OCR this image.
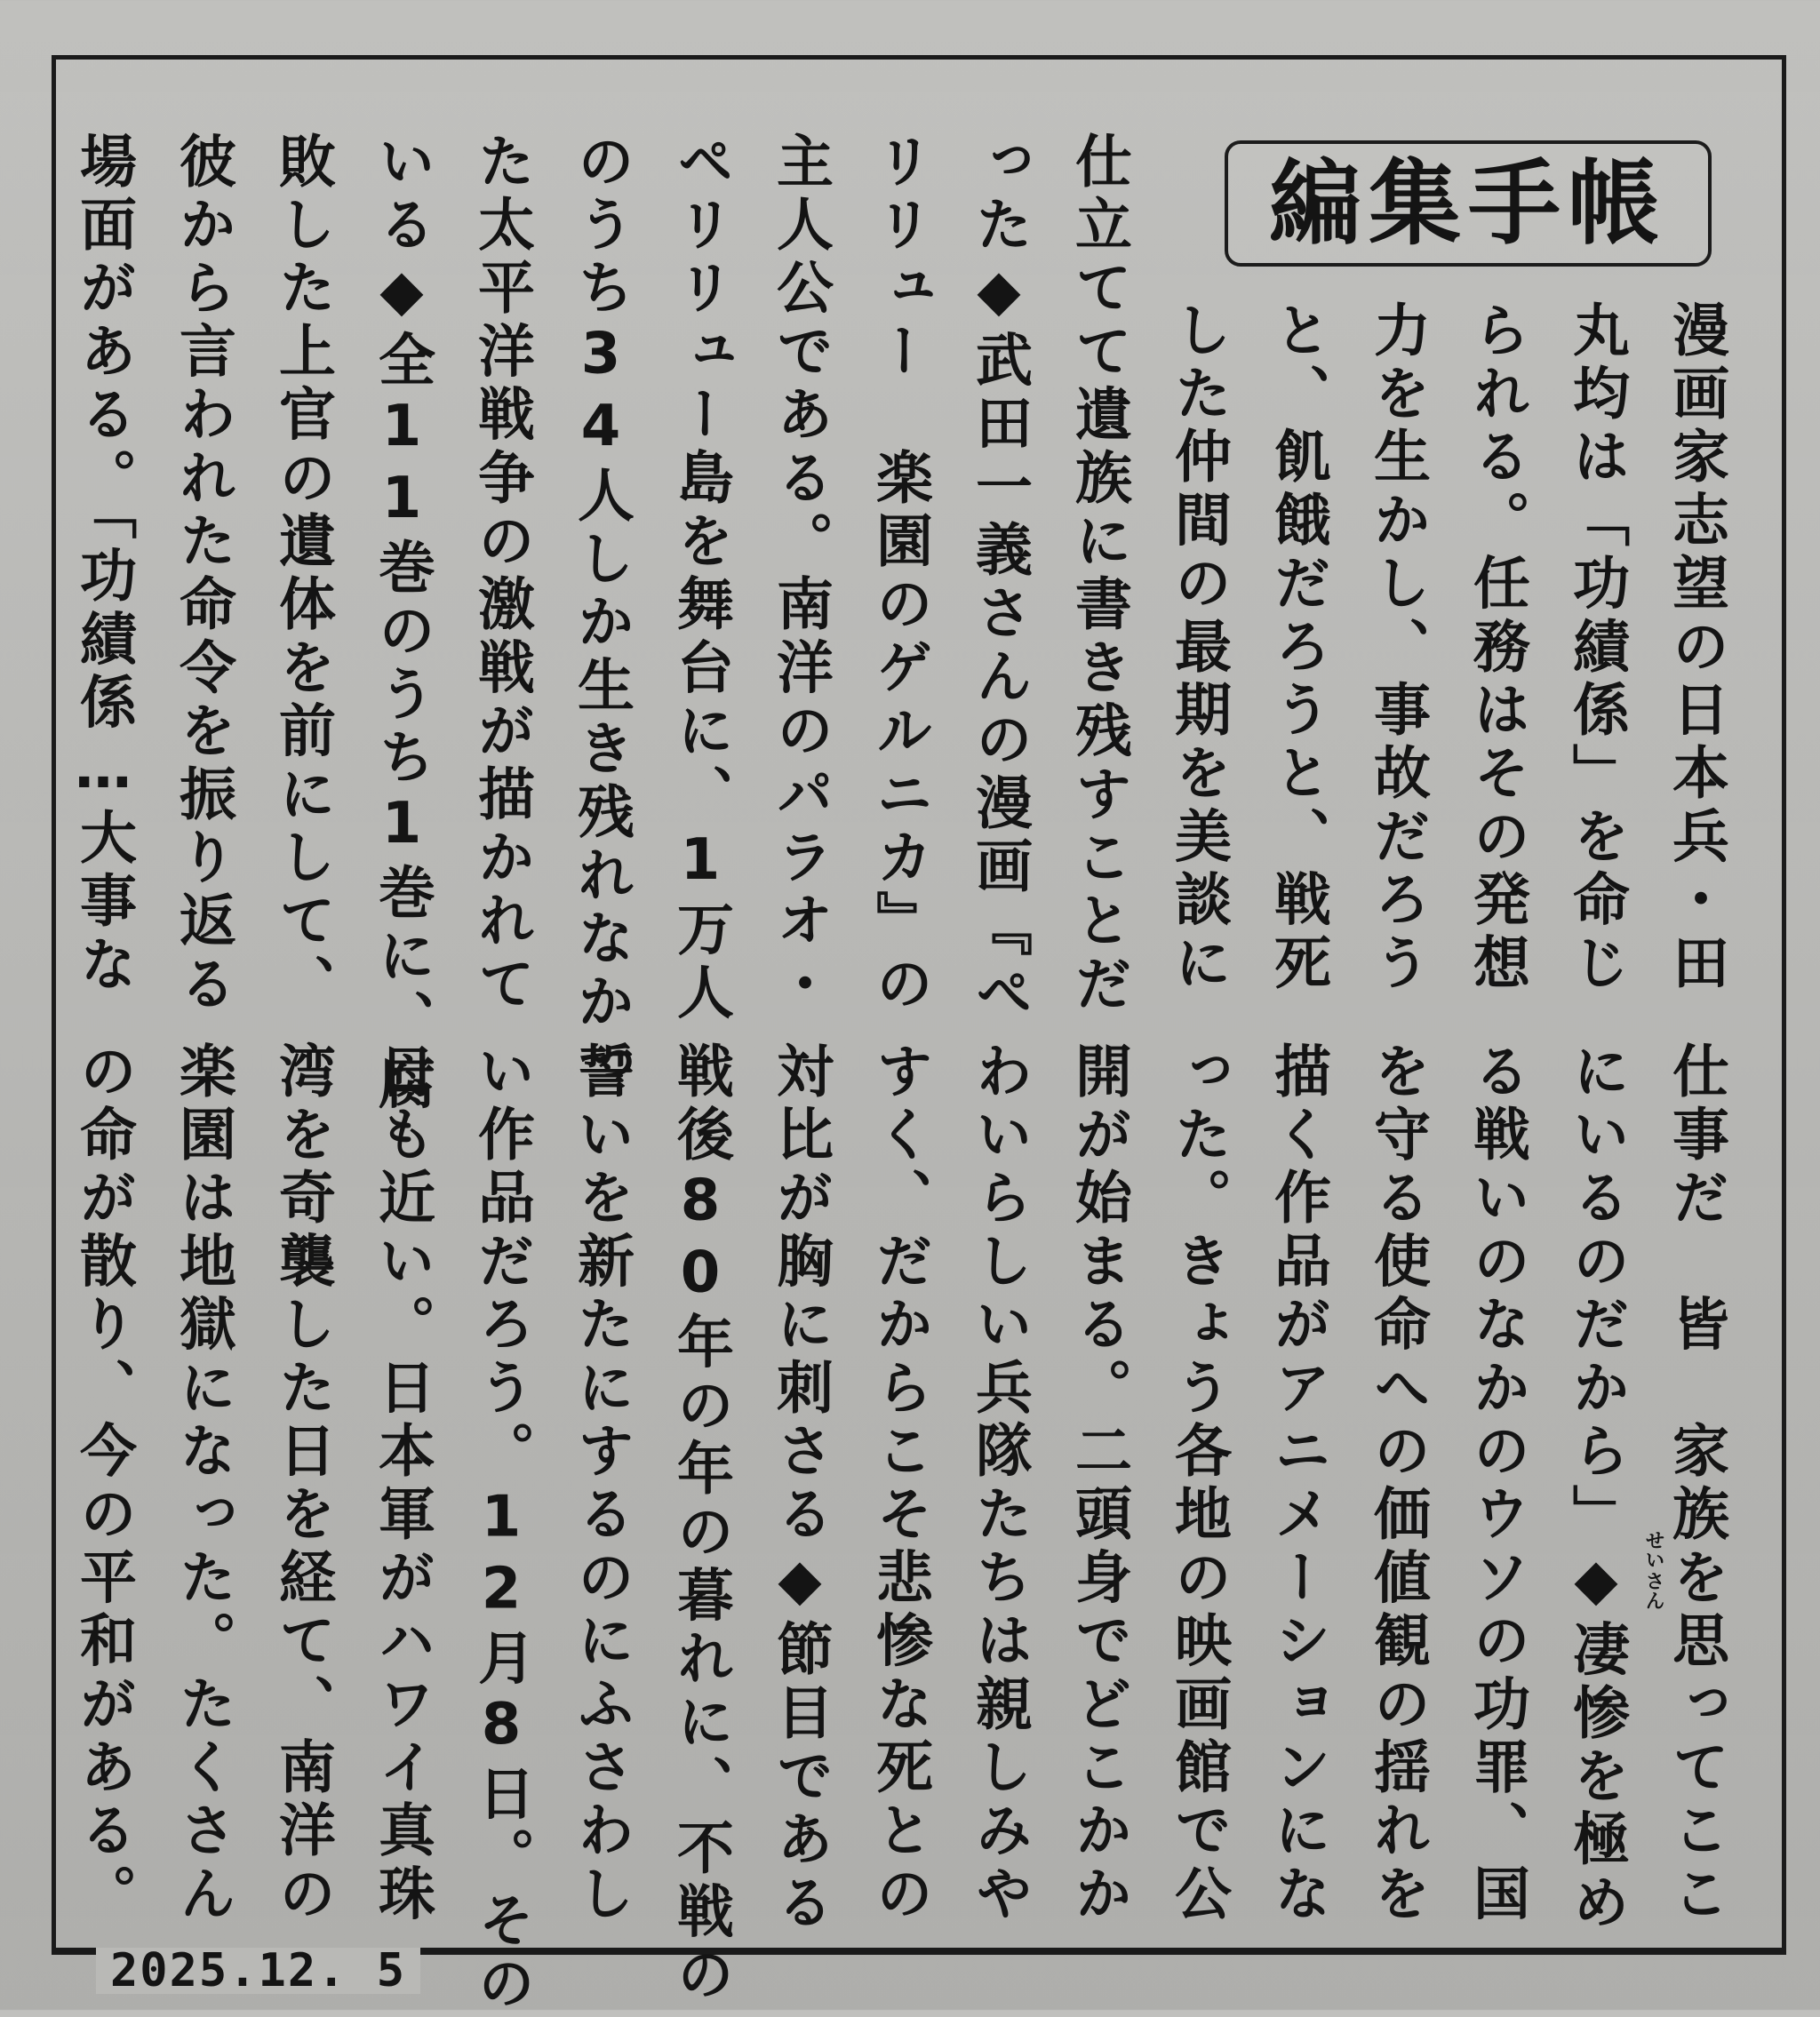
編集手帳
漫画家志望の日本兵・田
丸均は「功績係」を命じ
られる。任務はその発想
力を生かし、事故だろう
と、飢餓だろうと、戦死
した仲間の最期を美談に
仕立てて遺族に書き残すことだ
った◆武田一義さんの漫画『ぺ
リリュー　楽園のゲルニカ』の
主人公である。南洋のパラオ・
ペリリュー島を舞台に、1万人
のうち34人しか生き残れなかっ
た太平洋戦争の激戦が描かれて
いる◆全11巻のうち1巻に、腐
敗した上官の遺体を前にして、
彼から言われた命令を振り返る
場面がある。「功績係…大事な
仕事だ　皆　家族を思ってここ
にいるのだから」◆凄惨を極め
る戦いのなかのウソの功罪、国
を守る使命への価値観の揺れを
描く作品がアニメーションにな
った。きょう各地の映画館で公
開が始まる。二頭身でどこかか
わいらしい兵隊たちは親しみや
すく、だからこそ悲惨な死との
対比が胸に刺さる◆節目である
戦後80年の年の暮れに、不戦の
誓いを新たにするのにふさわし
い作品だろう。12月8日。その
日も近い。日本軍がハワイ真珠
湾を奇襲した日を経て、南洋の
楽園は地獄になった。たくさん
の命が散り、今の平和がある。	せい
さん
2025.12. 5
